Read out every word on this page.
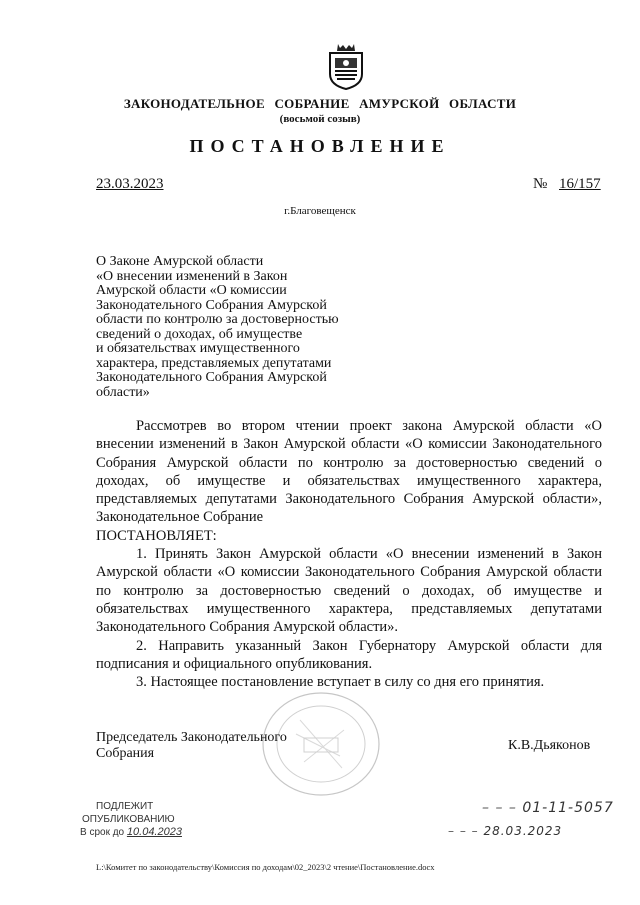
ЗАКОНОДАТЕЛЬНОЕ СОБРАНИЕ АМУРСКОЙ ОБЛАСТИ
(восьмой созыв)
ПОСТАНОВЛЕНИЕ
23.03.2023	№ 16/157
г.Благовещенск
О Законе Амурской области
«О внесении изменений в Закон
Амурской области «О комиссии
Законодательного Собрания Амурской
области по контролю за достоверностью
сведений о доходах, об имуществе
и обязательствах имущественного
характера, представляемых депутатами
Законодательного Собрания Амурской
области»

Рассмотрев во втором чтении проект закона Амурской области «О внесении изменений в Закон Амурской области «О комиссии Законодательного Собрания Амурской области по контролю за достоверностью сведений о доходах, об имуществе и обязательствах имущественного характера, представляемых депутатами Законодательного Собрания Амурской области», Законодательное Собрание

ПОСТАНОВЛЯЕТ:

1. Принять Закон Амурской области «О внесении изменений в Закон Амурской области «О комиссии Законодательного Собрания Амурской области по контролю за достоверностью сведений о доходах, об имуществе и обязательствах имущественного характера, представляемых депутатами Законодательного Собрания Амурской области».

2. Направить указанный Закон Губернатору Амурской области для подписания и официального опубликования.

3. Настоящее постановление вступает в силу со дня его принятия.

Председатель Законодательного
Собрания
К.В.Дьяконов
ПОДЛЕЖИТ
ОПУБЛИКОВАНИЮ
В срок до 10.04.2023
– – – 01-11-5057
– – – 28.03.2023
L:\Комитет по законодательству\Комиссия по доходам\02_2023\2 чтение\Постановление.docx
